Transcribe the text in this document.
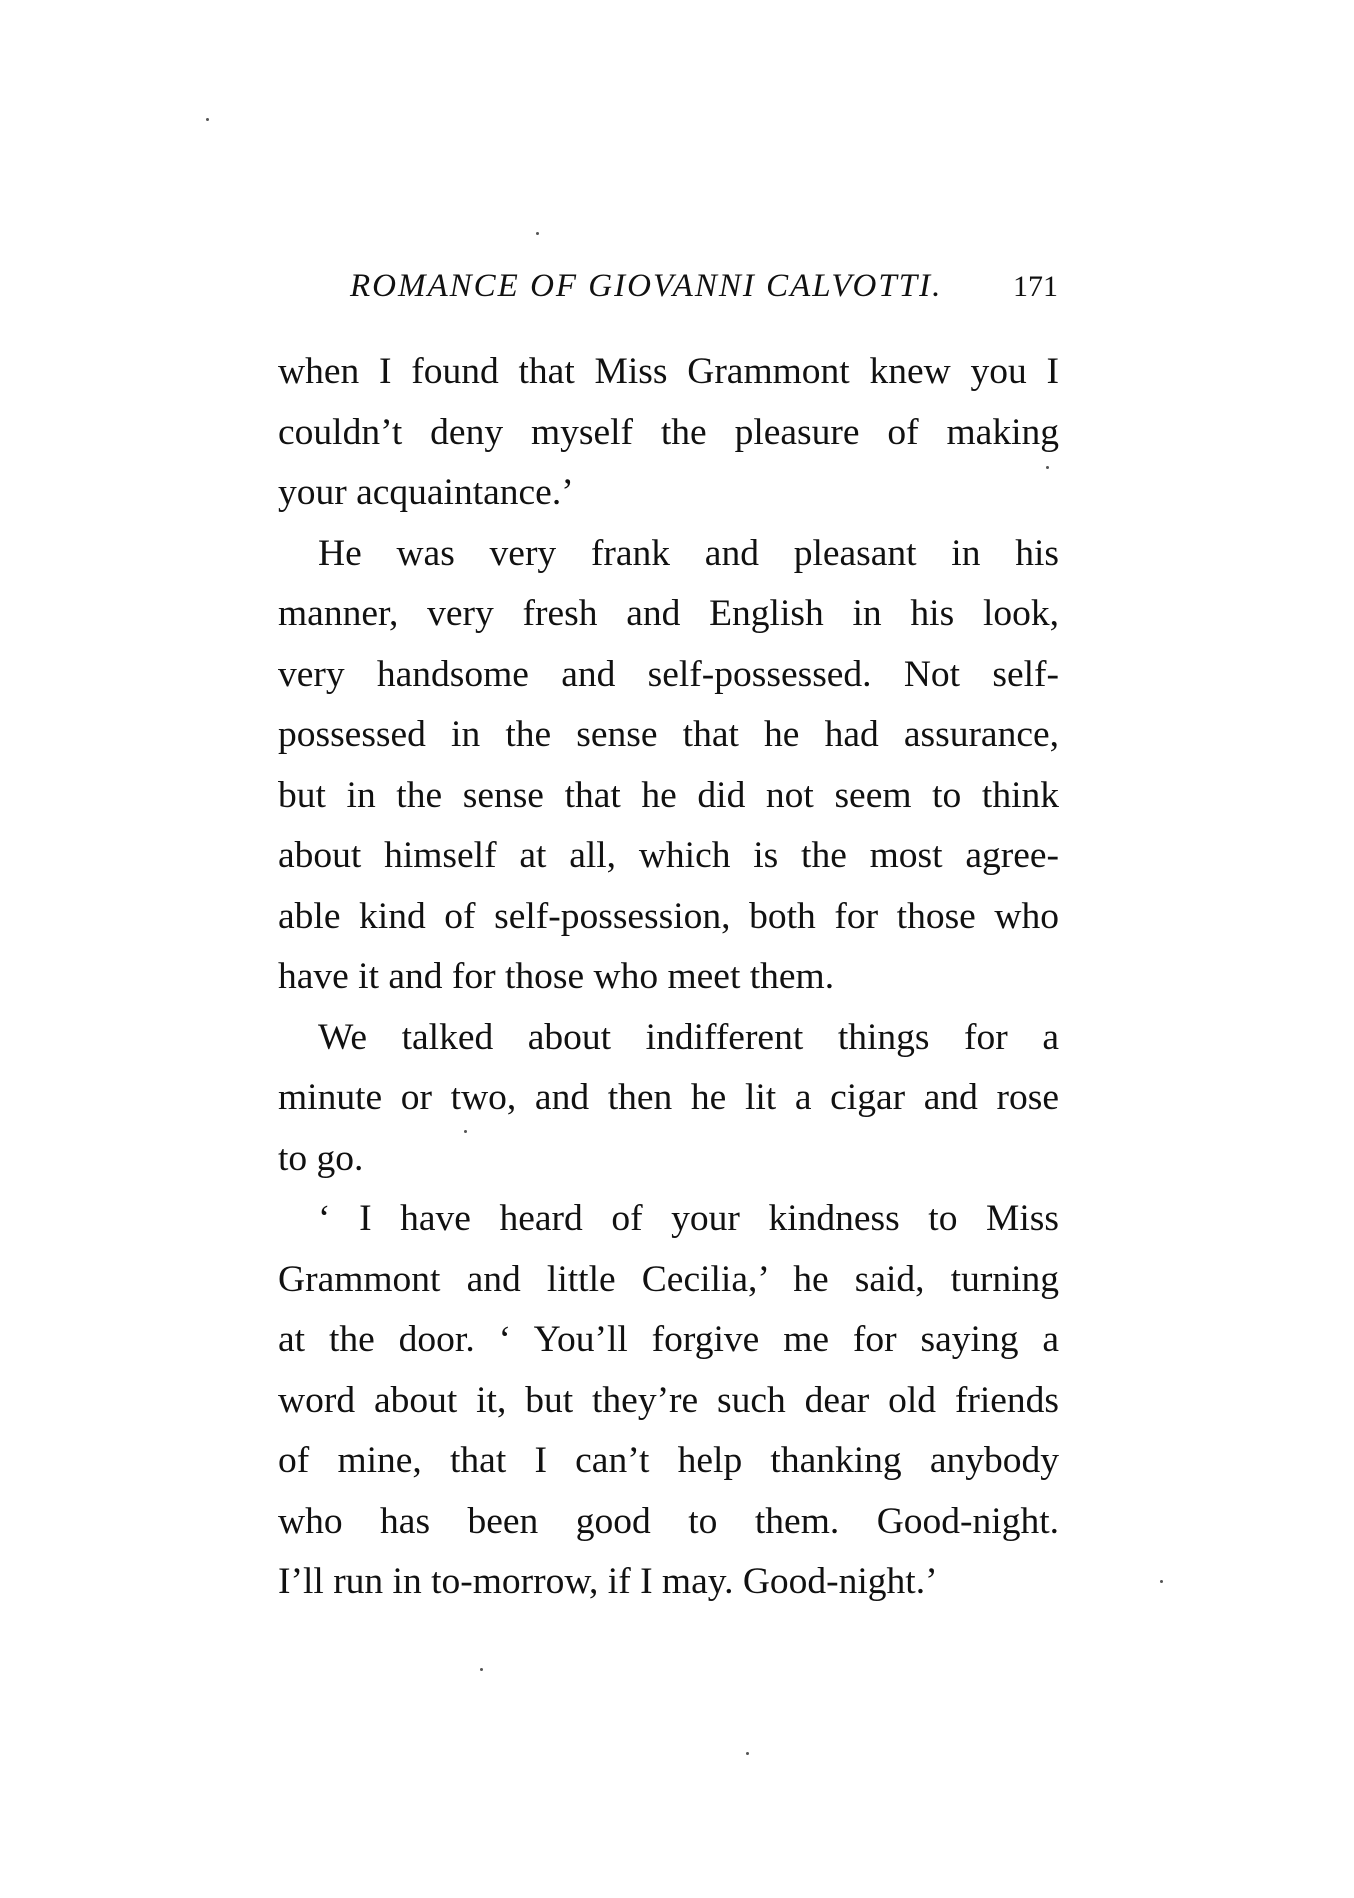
ROMANCE OF GIOVANNI CALVOTTI. 171
when I found that Miss Grammont knew you I
couldn’t deny myself the pleasure of making
your acquaintance.’
He was very frank and pleasant in his
manner, very fresh and English in his look,
very handsome and self-possessed. Not self-
possessed in the sense that he had assurance,
but in the sense that he did not seem to think
about himself at all, which is the most agree-
able kind of self-possession, both for those who
have it and for those who meet them.
We talked about indifferent things for a
minute or two, and then he lit a cigar and rose
to go.
‘ I have heard of your kindness to Miss
Grammont and little Cecilia,’ he said, turning
at the door. ‘ You’ll forgive me for saying a
word about it, but they’re such dear old friends
of mine, that I can’t help thanking anybody
who has been good to them. Good-night.
I’ll run in to-morrow, if I may. Good-night.’
